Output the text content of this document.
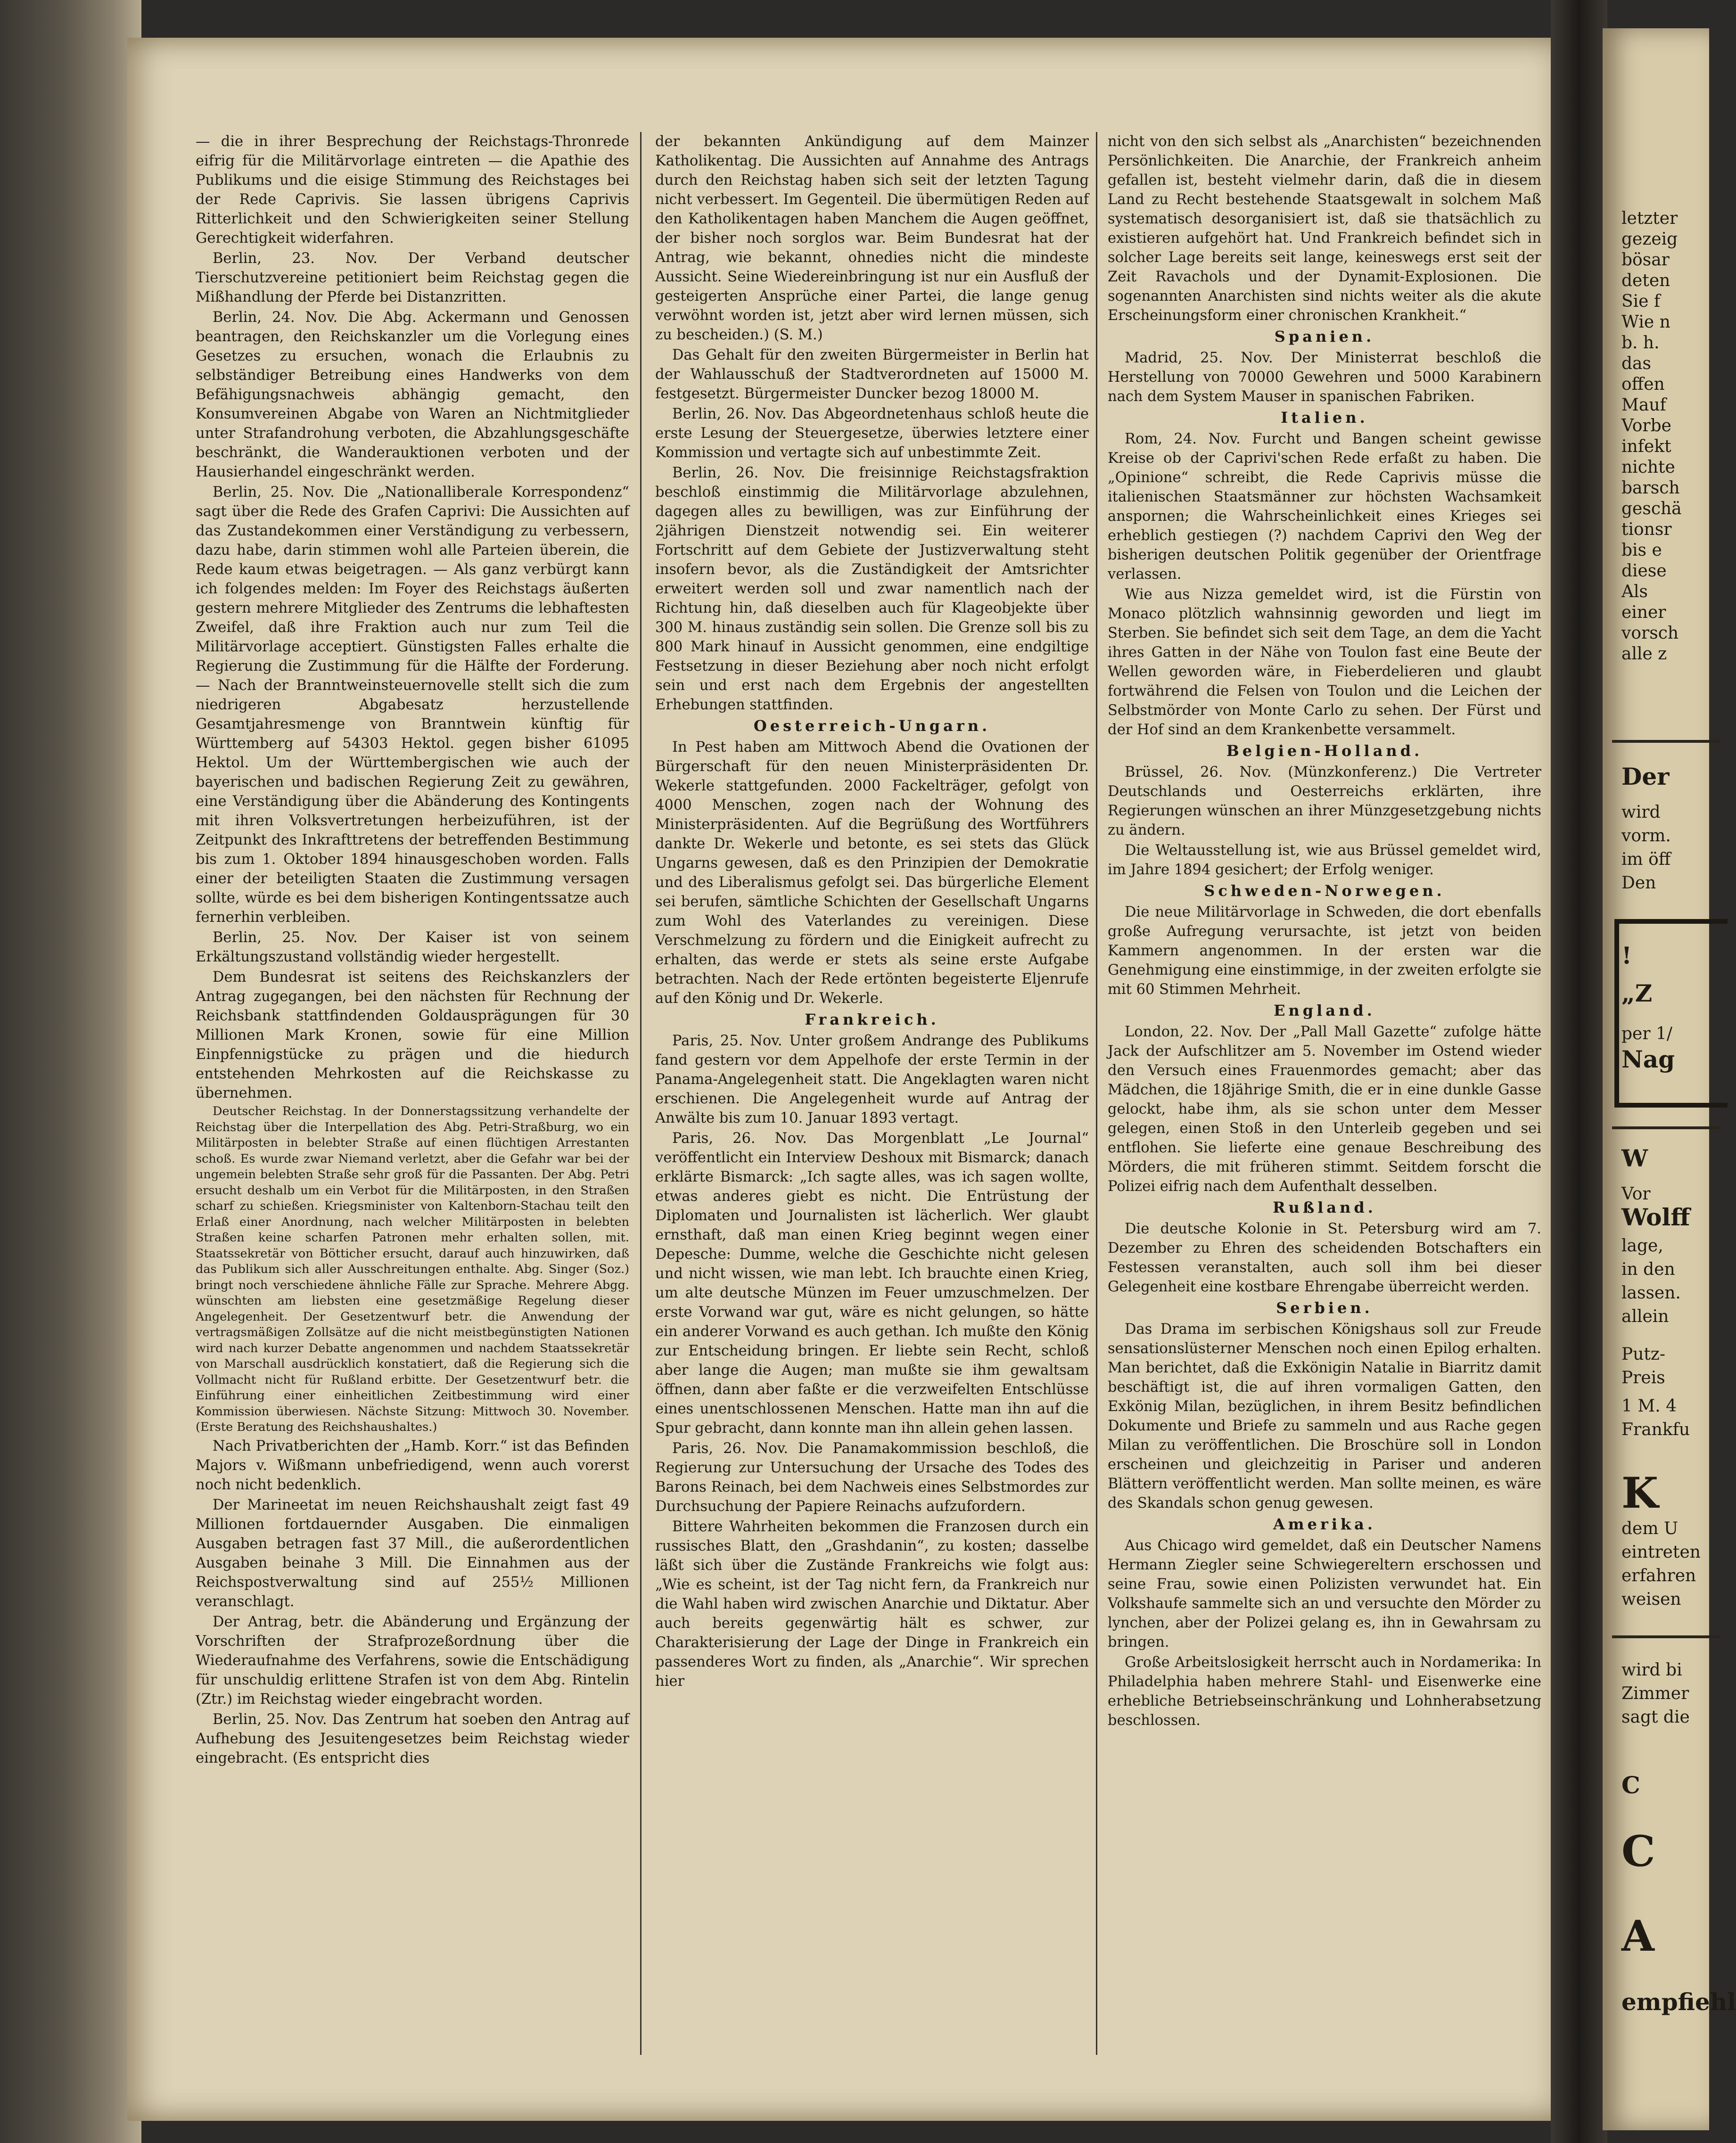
— die in ihrer Besprechung der Reichstags-Thronrede eifrig für die Militärvorlage eintreten — die Apathie des Publikums und die eisige Stimmung des Reichstages bei der Rede Caprivis. Sie lassen übrigens Caprivis Ritterlichkeit und den Schwierigkeiten seiner Stellung Gerechtigkeit widerfahren.
Berlin, 23. Nov. Der Verband deutscher Tierschutzvereine petitioniert beim Reichstag gegen die Mißhandlung der Pferde bei Distanzritten.
Berlin, 24. Nov. Die Abg. Ackermann und Genossen beantragen, den Reichskanzler um die Vorlegung eines Gesetzes zu ersuchen, wonach die Erlaubnis zu selbständiger Betreibung eines Handwerks von dem Befähigungsnachweis abhängig gemacht, den Konsumvereinen Abgabe von Waren an Nichtmitglieder unter Strafandrohung verboten, die Abzahlungsgeschäfte beschränkt, die Wanderauktionen verboten und der Hausierhandel eingeschränkt werden.
Berlin, 25. Nov. Die „Nationalliberale Korrespondenz“ sagt über die Rede des Grafen Caprivi: Die Aussichten auf das Zustandekommen einer Verständigung zu verbessern, dazu habe, darin stimmen wohl alle Parteien überein, die Rede kaum etwas beigetragen. — Als ganz verbürgt kann ich folgendes melden: Im Foyer des Reichstags äußerten gestern mehrere Mitglieder des Zentrums die lebhaftesten Zweifel, daß ihre Fraktion auch nur zum Teil die Militärvorlage acceptiert. Günstigsten Falles erhalte die Regierung die Zustimmung für die Hälfte der Forderung. — Nach der Branntweinsteuernovelle stellt sich die zum niedrigeren Abgabesatz herzustellende Gesamtjahresmenge von Branntwein künftig für Württemberg auf 54303 Hektol. gegen bisher 61095 Hektol. Um der Württembergischen wie auch der bayerischen und badischen Regierung Zeit zu gewähren, eine Verständigung über die Abänderung des Kontingents mit ihren Volksvertretungen herbeizuführen, ist der Zeitpunkt des Inkrafttretens der betreffenden Bestimmung bis zum 1. Oktober 1894 hinausgeschoben worden. Falls einer der beteiligten Staaten die Zustimmung versagen sollte, würde es bei dem bisherigen Kontingentssatze auch fernerhin verbleiben.
Berlin, 25. Nov. Der Kaiser ist von seinem Erkältungszustand vollständig wieder hergestellt.
Dem Bundesrat ist seitens des Reichskanzlers der Antrag zugegangen, bei den nächsten für Rechnung der Reichsbank stattfindenden Goldausprägungen für 30 Millionen Mark Kronen, sowie für eine Million Einpfennigstücke zu prägen und die hiedurch entstehenden Mehrkosten auf die Reichskasse zu übernehmen.
Deutscher Reichstag. In der Donnerstagssitzung verhandelte der Reichstag über die Interpellation des Abg. Petri-Straßburg, wo ein Militärposten in belebter Straße auf einen flüchtigen Arrestanten schoß. Es wurde zwar Niemand verletzt, aber die Gefahr war bei der ungemein belebten Straße sehr groß für die Passanten. Der Abg. Petri ersucht deshalb um ein Verbot für die Militärposten, in den Straßen scharf zu schießen. Kriegsminister von Kaltenborn-Stachau teilt den Erlaß einer Anordnung, nach welcher Militärposten in belebten Straßen keine scharfen Patronen mehr erhalten sollen, mit. Staatssekretär von Bötticher ersucht, darauf auch hinzuwirken, daß das Publikum sich aller Ausschreitungen enthalte. Abg. Singer (Soz.) bringt noch verschiedene ähnliche Fälle zur Sprache. Mehrere Abgg. wünschten am liebsten eine gesetzmäßige Regelung dieser Angelegenheit. Der Gesetzentwurf betr. die Anwendung der vertragsmäßigen Zollsätze auf die nicht meistbegünstigten Nationen wird nach kurzer Debatte angenommen und nachdem Staatssekretär von Marschall ausdrücklich konstatiert, daß die Regierung sich die Vollmacht nicht für Rußland erbitte. Der Gesetzentwurf betr. die Einführung einer einheitlichen Zeitbestimmung wird einer Kommission überwiesen. Nächste Sitzung: Mittwoch 30. November. (Erste Beratung des Reichshaushaltes.)
Nach Privatberichten der „Hamb. Korr.“ ist das Befinden Majors v. Wißmann unbefriedigend, wenn auch vorerst noch nicht bedenklich.
Der Marineetat im neuen Reichshaushalt zeigt fast 49 Millionen fortdauernder Ausgaben. Die einmaligen Ausgaben betragen fast 37 Mill., die außerordentlichen Ausgaben beinahe 3 Mill. Die Einnahmen aus der Reichspostverwaltung sind auf 255½ Millionen veranschlagt.
Der Antrag, betr. die Abänderung und Ergänzung der Vorschriften der Strafprozeßordnung über die Wiederaufnahme des Verfahrens, sowie die Entschädigung für unschuldig erlittene Strafen ist von dem Abg. Rintelin (Ztr.) im Reichstag wieder eingebracht worden.
Berlin, 25. Nov. Das Zentrum hat soeben den Antrag auf Aufhebung des Jesuitengesetzes beim Reichstag wieder eingebracht. (Es entspricht dies
der bekannten Ankündigung auf dem Mainzer Katholikentag. Die Aussichten auf Annahme des Antrags durch den Reichstag haben sich seit der letzten Tagung nicht verbessert. Im Gegenteil. Die übermütigen Reden auf den Katholikentagen haben Manchem die Augen geöffnet, der bisher noch sorglos war. Beim Bundesrat hat der Antrag, wie bekannt, ohnedies nicht die mindeste Aussicht. Seine Wiedereinbringung ist nur ein Ausfluß der gesteigerten Ansprüche einer Partei, die lange genug verwöhnt worden ist, jetzt aber wird lernen müssen, sich zu bescheiden.) (S. M.)
Das Gehalt für den zweiten Bürgermeister in Berlin hat der Wahlausschuß der Stadtverordneten auf 15000 M. festgesetzt. Bürgermeister Duncker bezog 18000 M.
Berlin, 26. Nov. Das Abgeordnetenhaus schloß heute die erste Lesung der Steuergesetze, überwies letztere einer Kommission und vertagte sich auf unbestimmte Zeit.
Berlin, 26. Nov. Die freisinnige Reichstagsfraktion beschloß einstimmig die Militärvorlage abzulehnen, dagegen alles zu bewilligen, was zur Einführung der 2jährigen Dienstzeit notwendig sei. Ein weiterer Fortschritt auf dem Gebiete der Justizverwaltung steht insofern bevor, als die Zuständigkeit der Amtsrichter erweitert werden soll und zwar namentlich nach der Richtung hin, daß dieselben auch für Klageobjekte über 300 M. hinaus zuständig sein sollen. Die Grenze soll bis zu 800 Mark hinauf in Aussicht genommen, eine endgiltige Festsetzung in dieser Beziehung aber noch nicht erfolgt sein und erst nach dem Ergebnis der angestellten Erhebungen stattfinden.
Oesterreich-Ungarn.
In Pest haben am Mittwoch Abend die Ovationen der Bürgerschaft für den neuen Ministerpräsidenten Dr. Wekerle stattgefunden. 2000 Fackelträger, gefolgt von 4000 Menschen, zogen nach der Wohnung des Ministerpräsidenten. Auf die Begrüßung des Wortführers dankte Dr. Wekerle und betonte, es sei stets das Glück Ungarns gewesen, daß es den Prinzipien der Demokratie und des Liberalismus gefolgt sei. Das bürgerliche Element sei berufen, sämtliche Schichten der Gesellschaft Ungarns zum Wohl des Vaterlandes zu vereinigen. Diese Verschmelzung zu fördern und die Einigkeit aufrecht zu erhalten, das werde er stets als seine erste Aufgabe betrachten. Nach der Rede ertönten begeisterte Eljenrufe auf den König und Dr. Wekerle.
Frankreich.
Paris, 25. Nov. Unter großem Andrange des Publikums fand gestern vor dem Appelhofe der erste Termin in der Panama-Angelegenheit statt. Die Angeklagten waren nicht erschienen. Die Angelegenheit wurde auf Antrag der Anwälte bis zum 10. Januar 1893 vertagt.
Paris, 26. Nov. Das Morgenblatt „Le Journal“ veröffentlicht ein Interview Deshoux mit Bismarck; danach erklärte Bismarck: „Ich sagte alles, was ich sagen wollte, etwas anderes giebt es nicht. Die Entrüstung der Diplomaten und Journalisten ist lächerlich. Wer glaubt ernsthaft, daß man einen Krieg beginnt wegen einer Depesche: Dumme, welche die Geschichte nicht gelesen und nicht wissen, wie man lebt. Ich brauchte einen Krieg, um alte deutsche Münzen im Feuer umzuschmelzen. Der erste Vorwand war gut, wäre es nicht gelungen, so hätte ein anderer Vorwand es auch gethan. Ich mußte den König zur Entscheidung bringen. Er liebte sein Recht, schloß aber lange die Augen; man mußte sie ihm gewaltsam öffnen, dann aber faßte er die verzweifelten Entschlüsse eines unentschlossenen Menschen. Hatte man ihn auf die Spur gebracht, dann konnte man ihn allein gehen lassen.
Paris, 26. Nov. Die Panamakommission beschloß, die Regierung zur Untersuchung der Ursache des Todes des Barons Reinach, bei dem Nachweis eines Selbstmordes zur Durchsuchung der Papiere Reinachs aufzufordern.
Bittere Wahrheiten bekommen die Franzosen durch ein russisches Blatt, den „Grashdanin“, zu kosten; dasselbe läßt sich über die Zustände Frankreichs wie folgt aus: „Wie es scheint, ist der Tag nicht fern, da Frankreich nur die Wahl haben wird zwischen Anarchie und Diktatur. Aber auch bereits gegenwärtig hält es schwer, zur Charakterisierung der Lage der Dinge in Frankreich ein passenderes Wort zu finden, als „Anarchie“. Wir sprechen hier
nicht von den sich selbst als „Anarchisten“ bezeichnenden Persönlichkeiten. Die Anarchie, der Frankreich anheim gefallen ist, besteht vielmehr darin, daß die in diesem Land zu Recht bestehende Staatsgewalt in solchem Maß systematisch desorganisiert ist, daß sie thatsächlich zu existieren aufgehört hat. Und Frankreich befindet sich in solcher Lage bereits seit lange, keineswegs erst seit der Zeit Ravachols und der Dynamit-Explosionen. Die sogenannten Anarchisten sind nichts weiter als die akute Erscheinungsform einer chronischen Krankheit.“
Spanien.
Madrid, 25. Nov. Der Ministerrat beschloß die Herstellung von 70000 Gewehren und 5000 Karabinern nach dem System Mauser in spanischen Fabriken.
Italien.
Rom, 24. Nov. Furcht und Bangen scheint gewisse Kreise ob der Caprivi'schen Rede erfaßt zu haben. Die „Opinione“ schreibt, die Rede Caprivis müsse die italienischen Staatsmänner zur höchsten Wachsamkeit anspornen; die Wahrscheinlichkeit eines Krieges sei erheblich gestiegen (?) nachdem Caprivi den Weg der bisherigen deutschen Politik gegenüber der Orientfrage verlassen.
Wie aus Nizza gemeldet wird, ist die Fürstin von Monaco plötzlich wahnsinnig geworden und liegt im Sterben. Sie befindet sich seit dem Tage, an dem die Yacht ihres Gatten in der Nähe von Toulon fast eine Beute der Wellen geworden wäre, in Fieberdelieren und glaubt fortwährend die Felsen von Toulon und die Leichen der Selbstmörder von Monte Carlo zu sehen. Der Fürst und der Hof sind an dem Krankenbette versammelt.
Belgien-Holland.
Brüssel, 26. Nov. (Münzkonferenz.) Die Vertreter Deutschlands und Oesterreichs erklärten, ihre Regierungen wünschen an ihrer Münzgesetzgebung nichts zu ändern.
Die Weltausstellung ist, wie aus Brüssel gemeldet wird, im Jahre 1894 gesichert; der Erfolg weniger.
Schweden-Norwegen.
Die neue Militärvorlage in Schweden, die dort ebenfalls große Aufregung verursachte, ist jetzt von beiden Kammern angenommen. In der ersten war die Genehmigung eine einstimmige, in der zweiten erfolgte sie mit 60 Stimmen Mehrheit.
England.
London, 22. Nov. Der „Pall Mall Gazette“ zufolge hätte Jack der Aufschlitzer am 5. November im Ostend wieder den Versuch eines Frauenmordes gemacht; aber das Mädchen, die 18jährige Smith, die er in eine dunkle Gasse gelockt, habe ihm, als sie schon unter dem Messer gelegen, einen Stoß in den Unterleib gegeben und sei entflohen. Sie lieferte eine genaue Beschreibung des Mörders, die mit früheren stimmt. Seitdem forscht die Polizei eifrig nach dem Aufenthalt desselben.
Rußland.
Die deutsche Kolonie in St. Petersburg wird am 7. Dezember zu Ehren des scheidenden Botschafters ein Festessen veranstalten, auch soll ihm bei dieser Gelegenheit eine kostbare Ehrengabe überreicht werden.
Serbien.
Das Drama im serbischen Königshaus soll zur Freude sensationslüsterner Menschen noch einen Epilog erhalten. Man berichtet, daß die Exkönigin Natalie in Biarritz damit beschäftigt ist, die auf ihren vormaligen Gatten, den Exkönig Milan, bezüglichen, in ihrem Besitz befindlichen Dokumente und Briefe zu sammeln und aus Rache gegen Milan zu veröffentlichen. Die Broschüre soll in London erscheinen und gleichzeitig in Pariser und anderen Blättern veröffentlicht werden. Man sollte meinen, es wäre des Skandals schon genug gewesen.
Amerika.
Aus Chicago wird gemeldet, daß ein Deutscher Namens Hermann Ziegler seine Schwiegereltern erschossen und seine Frau, sowie einen Polizisten verwundet hat. Ein Volkshaufe sammelte sich an und versuchte den Mörder zu lynchen, aber der Polizei gelang es, ihn in Gewahrsam zu bringen.
Große Arbeitslosigkeit herrscht auch in Nordamerika: In Philadelphia haben mehrere Stahl- und Eisenwerke eine erhebliche Betriebseinschränkung und Lohnherabsetzung beschlossen.
letzter
gezeig
bösar
deten
Sie f
Wie n
b. h.
das
offen
Mauf
Vorbe
infekt
nichte
barsch
geschä
tionsr
bis e
diese
Als
einer
vorsch
alle z
Der
wird
vorm.
im öff
Den
!
„Z
per 1/
Nag
W
Vor
Wolff
lage,
in den
lassen.
allein
Putz-
Preis
1 M. 4
Frankfu
K
dem U
eintreten
erfahren
weisen
wird bi
Zimmer
sagt die
C
C
A
empfiehl
